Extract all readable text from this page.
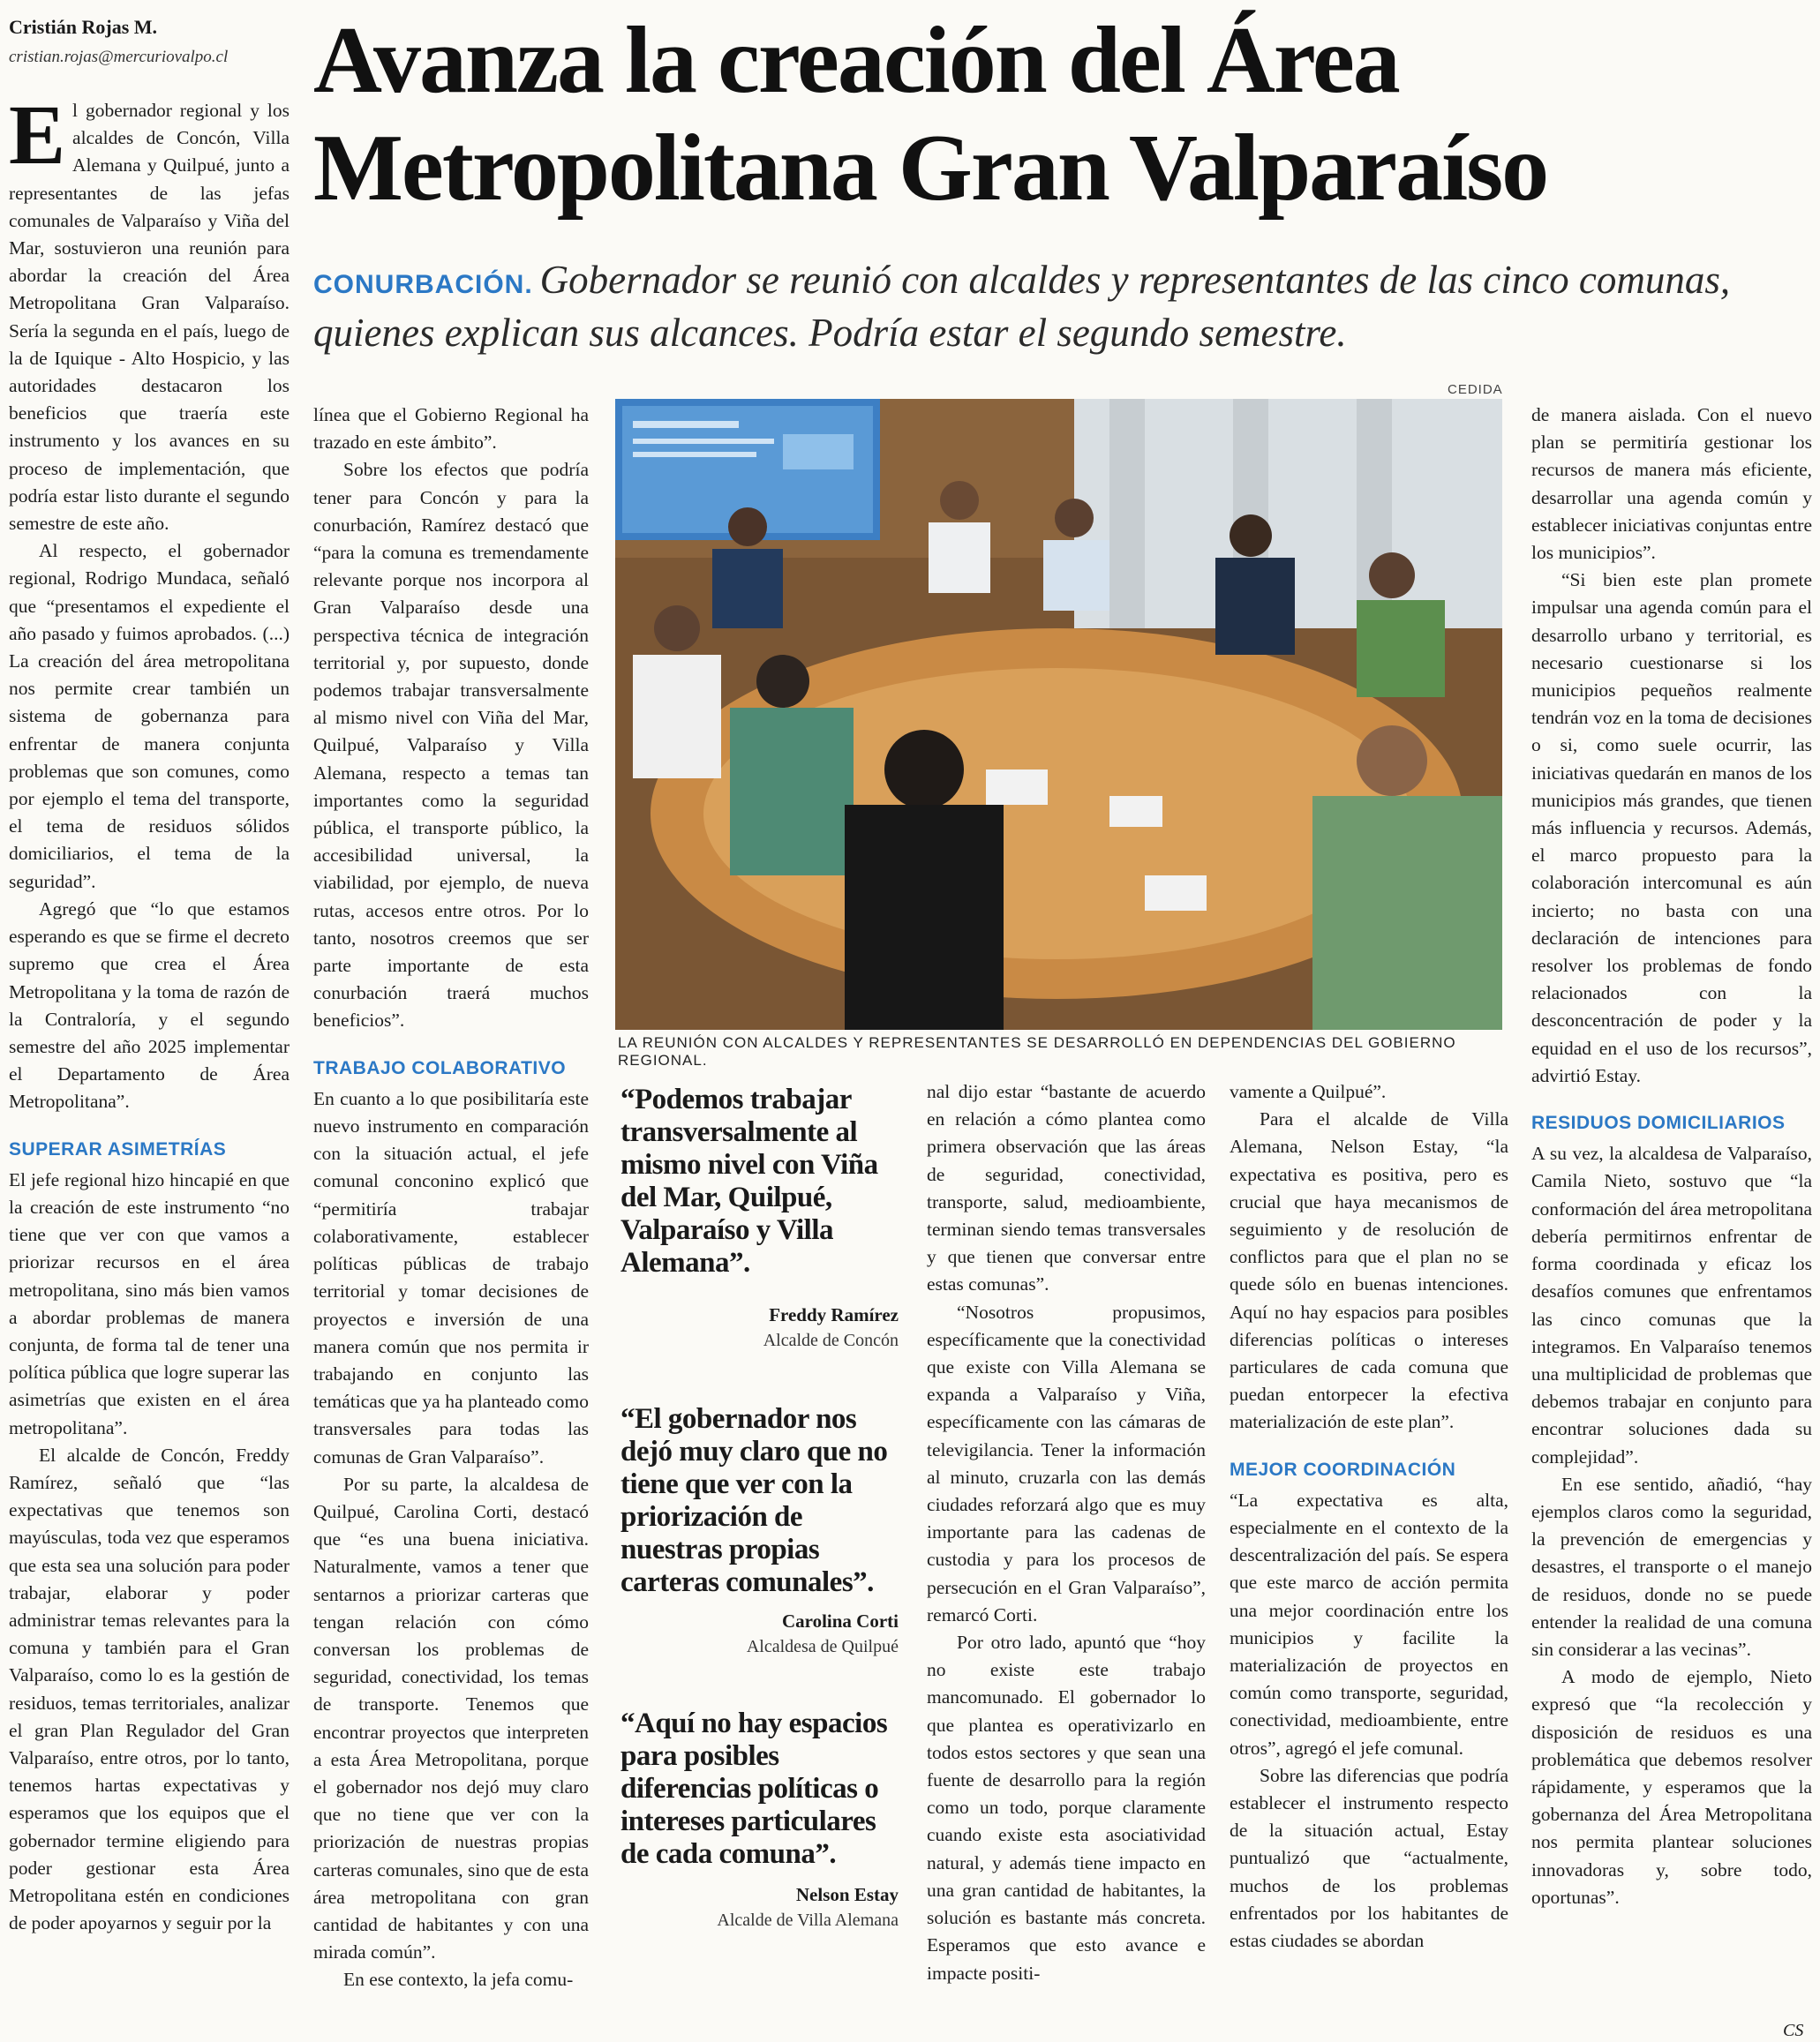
Cristián Rojas M.
cristian.rojas@mercuriovalpo.cl Avanza la creación del Área Metropolitana Gran Valparaíso
CONURBACIÓN. Gobernador se reunió con alcaldes y representantes de las cinco comunas, quienes explican sus alcances. Podría estar el segundo semestre.

El gobernador regional y los alcaldes de Concón, Villa Alemana y Quilpué, junto a representantes de las jefas comunales de Valparaíso y Viña del Mar, sostuvieron una reunión para abordar la creación del Área Metropolitana Gran Valparaíso. Sería la segunda en el país, luego de la de Iquique - Alto Hospicio, y las autoridades destacaron los beneficios que traería este instrumento y los avances en su proceso de implementación, que podría estar listo durante el segundo semestre de este año.

Al respecto, el gobernador regional, Rodrigo Mundaca, señaló que “presentamos el expediente el año pasado y fuimos aprobados. (...) La creación del área metropolitana nos permite crear también un sistema de gobernanza para enfrentar de manera conjunta problemas que son comunes, como por ejemplo el tema del transporte, el tema de residuos sólidos domiciliarios, el tema de la seguridad”.

Agregó que “lo que estamos esperando es que se firme el decreto supremo que crea el Área Metropolitana y la toma de razón de la Contraloría, y el segundo semestre del año 2025 implementar el Departamento de Área Metropolitana”.

SUPERAR ASIMETRÍAS

El jefe regional hizo hincapié en que la creación de este instrumento “no tiene que ver con que vamos a priorizar recursos en el área metropolitana, sino más bien vamos a abordar problemas de manera conjunta, de forma tal de tener una política pública que logre superar las asimetrías que existen en el área metropolitana”.

El alcalde de Concón, Freddy Ramírez, señaló que “las expectativas que tenemos son mayúsculas, toda vez que esperamos que esta sea una solución para poder trabajar, elaborar y poder administrar temas relevantes para la comuna y también para el Gran Valparaíso, como lo es la gestión de residuos, temas territoriales, analizar el gran Plan Regulador del Gran Valparaíso, entre otros, por lo tanto, tenemos hartas expectativas y esperamos que los equipos que el gobernador termine eligiendo para poder gestionar esta Área Metropolitana estén en condiciones de poder apoyarnos y seguir por la

línea que el Gobierno Regional ha trazado en este ámbito”.

Sobre los efectos que podría tener para Concón y para la conurbación, Ramírez destacó que “para la comuna es tremendamente relevante porque nos incorpora al Gran Valparaíso desde una perspectiva técnica de integración territorial y, por supuesto, donde podemos trabajar transversalmente al mismo nivel con Viña del Mar, Quilpué, Valparaíso y Villa Alemana, respecto a temas tan importantes como la seguridad pública, el transporte público, la accesibilidad universal, la viabilidad, por ejemplo, de nueva rutas, accesos entre otros. Por lo tanto, nosotros creemos que ser parte importante de esta conurbación traerá muchos beneficios”.

TRABAJO COLABORATIVO

En cuanto a lo que posibilitaría este nuevo instrumento en comparación con la situación actual, el jefe comunal conconino explicó que “permitiría trabajar colaborativamente, establecer políticas públicas de trabajo territorial y tomar decisiones de proyectos e inversión de una manera común que nos permita ir trabajando en conjunto las temáticas que ya ha planteado como transversales para todas las comunas de Gran Valparaíso”.

Por su parte, la alcaldesa de Quilpué, Carolina Corti, destacó que “es una buena iniciativa. Naturalmente, vamos a tener que sentarnos a priorizar carteras que tengan relación con cómo conversan los problemas de seguridad, conectividad, los temas de transporte. Tenemos que encontrar proyectos que interpreten a esta Área Metropolitana, porque el gobernador nos dejó muy claro que no tiene que ver con la priorización de nuestras propias carteras comunales, sino que de esta área metropolitana con gran cantidad de habitantes y con una mirada común”.

En ese contexto, la jefa comu-

CEDIDA
LA REUNIÓN CON ALCALDES Y REPRESENTANTES SE DESARROLLÓ EN DEPENDENCIAS DEL GOBIERNO REGIONAL.
“Podemos trabajar transversalmente al mismo nivel con Viña del Mar, Quilpué, Valparaíso y Villa Alemana”.
Freddy Ramírez
Alcalde de Concón
“El gobernador nos dejó muy claro que no tiene que ver con la priorización de nuestras propias carteras comunales”.
Carolina Corti
Alcaldesa de Quilpué
“Aquí no hay espacios para posibles diferencias políticas o intereses particulares de cada comuna”.
Nelson Estay
Alcalde de Villa Alemana

nal dijo estar “bastante de acuerdo en relación a cómo plantea como primera observación que las áreas de seguridad, conectividad, transporte, salud, medioambiente, terminan siendo temas transversales y que tienen que conversar entre estas comunas”.

“Nosotros propusimos, específicamente que la conectividad que existe con Villa Alemana se expanda a Valparaíso y Viña, específicamente con las cámaras de televigilancia. Tener la información al minuto, cruzarla con las demás ciudades reforzará algo que es muy importante para las cadenas de custodia y para los procesos de persecución en el Gran Valparaíso”, remarcó Corti.

Por otro lado, apuntó que “hoy no existe este trabajo mancomunado. El gobernador lo que plantea es operativizarlo en todos estos sectores y que sean una fuente de desarrollo para la región como un todo, porque claramente cuando existe esta asociatividad natural, y además tiene impacto en una gran cantidad de habitantes, la solución es bastante más concreta. Esperamos que esto avance e impacte positi-

vamente a Quilpué”.

Para el alcalde de Villa Alemana, Nelson Estay, “la expectativa es positiva, pero es crucial que haya mecanismos de seguimiento y de resolución de conflictos para que el plan no se quede sólo en buenas intenciones. Aquí no hay espacios para posibles diferencias políticas o intereses particulares de cada comuna que puedan entorpecer la efectiva materialización de este plan”.

MEJOR COORDINACIÓN

“La expectativa es alta, especialmente en el contexto de la descentralización del país. Se espera que este marco de acción permita una mejor coordinación entre los municipios y facilite la materialización de proyectos en común como transporte, seguridad, conectividad, medioambiente, entre otros”, agregó el jefe comunal.

Sobre las diferencias que podría establecer el instrumento respecto de la situación actual, Estay puntualizó que “actualmente, muchos de los problemas enfrentados por los habitantes de estas ciudades se abordan

de manera aislada. Con el nuevo plan se permitiría gestionar los recursos de manera más eficiente, desarrollar una agenda común y establecer iniciativas conjuntas entre los municipios”.

“Si bien este plan promete impulsar una agenda común para el desarrollo urbano y territorial, es necesario cuestionarse si los municipios pequeños realmente tendrán voz en la toma de decisiones o si, como suele ocurrir, las iniciativas quedarán en manos de los municipios más grandes, que tienen más influencia y recursos. Además, el marco propuesto para la colaboración intercomunal es aún incierto; no basta con una declaración de intenciones para resolver los problemas de fondo relacionados con la desconcentración de poder y la equidad en el uso de los recursos”, advirtió Estay.

RESIDUOS DOMICILIARIOS

A su vez, la alcaldesa de Valparaíso, Camila Nieto, sostuvo que “la conformación del área metropolitana debería permitirnos enfrentar de forma coordinada y eficaz los desafíos comunes que enfrentamos las cinco comunas que la integramos. En Valparaíso tenemos una multiplicidad de problemas que debemos trabajar en conjunto para encontrar soluciones dada su complejidad”.

En ese sentido, añadió, “hay ejemplos claros como la seguridad, la prevención de emergencias y desastres, el transporte o el manejo de residuos, donde no se puede entender la realidad de una comuna sin considerar a las vecinas”.

A modo de ejemplo, Nieto expresó que “la recolección y disposición de residuos es una problemática que debemos resolver rápidamente, y esperamos que la gobernanza del Área Metropolitana nos permita plantear soluciones innovadoras y, sobre todo, oportunas”.

CS
